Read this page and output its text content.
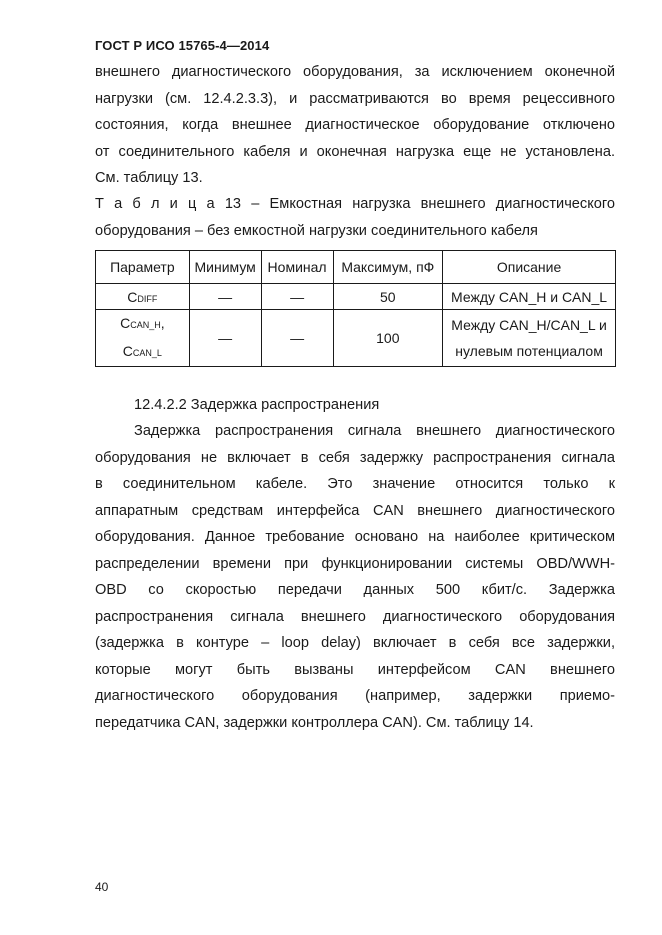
ГОСТ Р ИСО 15765-4—2014
внешнего диагностического оборудования, за исключением оконечной
нагрузки (см. 12.4.2.3.3), и рассматриваются во время рецессивного
состояния, когда внешнее диагностическое оборудование отключено
от соединительного кабеля и оконечная нагрузка еще не установлена.
См. таблицу 13.
Т а б л и ц а 13 – Емкостная нагрузка внешнего диагностического
оборудования – без емкостной нагрузки соединительного кабеля
Параметр	Минимум	Номинал	Максимум, пФ	Описание
CDIFF	—	—	50	Между CAN_H и CAN_L
CCAN_H,
CCAN_L	—	—	100	Между CAN_H/CAN_L и
нулевым потенциалом
12.4.2.2 Задержка распространения
Задержка распространения сигнала внешнего диагностического
оборудования не включает в себя задержку распространения сигнала
в соединительном кабеле. Это значение относится только к
аппаратным средствам интерфейса CAN внешнего диагностического
оборудования. Данное требование основано на наиболее критическом
распределении времени при функционировании системы OBD/WWH-
OBD со скоростью передачи данных 500 кбит/с. Задержка
распространения сигнала внешнего диагностического оборудования
(задержка в контуре – loop delay) включает в себя все задержки,
которые могут быть вызваны интерфейсом CAN внешнего
диагностического оборудования (например, задержки приемо-
передатчика CAN, задержки контроллера CAN). См. таблицу 14.
40
